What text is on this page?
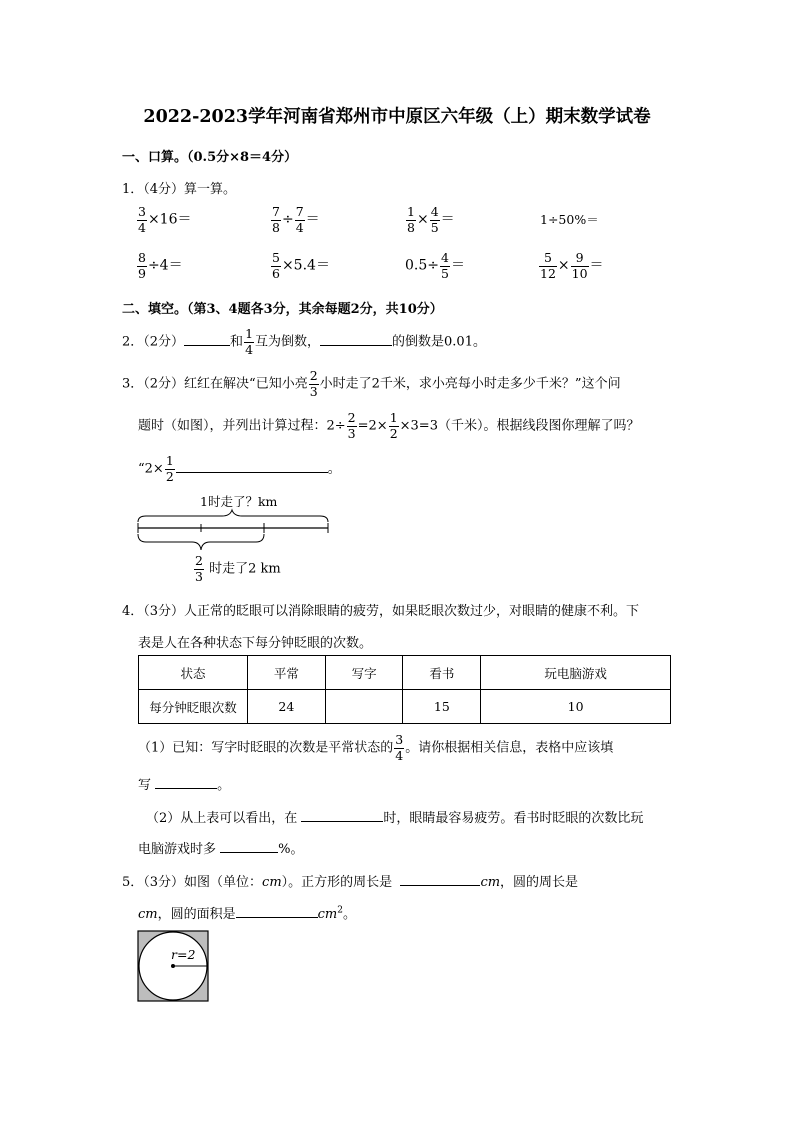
2022-2023学年河南省郑州市中原区六年级（上）期末数学试卷
一、口算。（0.5分×8＝4分）
1．（4分）算一算。
$\frac{3}{4} \times 16=$	$\frac{7}{8} \div \frac{7}{4}$ ＝	$\frac{1}{8} \times \frac{4}{5}$ ＝	1÷50%＝
$\frac{8}{9} \div 4=$	$\frac{5}{6} \times 5.4=$	$0.5\div \frac{4}{5}$ ＝	$\frac{5}{12} \times \frac{9}{10}$ ＝
二、填空。（第3、4题各3分，其余每题2分，共10分）
2．（2分）	和 $\frac{1}{4}$ 互为倒数，	的倒数是0.01。
3．（2分）红红在解决“已知小亮 $\frac{2}{3}$ 小时走了2千米，求小亮每小时走多少千米？”这个问
题时（如图），并列出计算过程：$2\div \frac{2}{3} =2\times \frac{1}{2} \times 3=3$（千米）。根据线段图你理解了吗？
“$2\times \frac{1}{2}$	。
1时走了？km
$\frac{2}{3}$ 时走了2 km
4．（3分）人正常的眨眼可以消除眼睛的疲劳，如果眨眼次数过少，对眼睛的健康不利。下
表是人在各种状态下每分钟眨眼的次数。
状态	平常	写字	看书	玩电脑游戏
每分钟眨眼次数	24		15	10
（1）已知：写字时眨眼的次数是平常状态的 $\frac{3}{4}$ 。请你根据相关信息，表格中应该填
写	。
（2）从上表可以看出，在	时，眼睛最容易疲劳。看书时眨眼的次数比玩
电脑游戏时多	%。
5．（3分）如图（单位：cm）。正方形的周长是	cm，圆的周长是
cm，圆的面积是	$cm^2$。
r=2
